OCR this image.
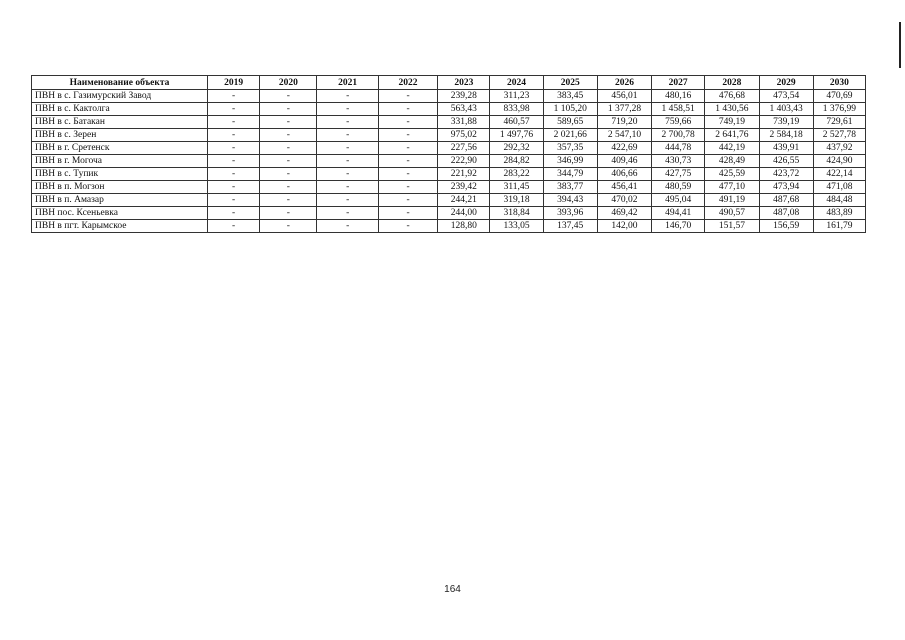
Наименование объекта	2019	2020	2021	2022	2023	2024	2025	2026	2027	2028	2029	2030
ПВН в с. Газимурский Завод	-	-	-	-	239,28	311,23	383,45	456,01	480,16	476,68	473,54	470,69
ПВН в с. Кактолга	-	-	-	-	563,43	833,98	1 105,20	1 377,28	1 458,51	1 430,56	1 403,43	1 376,99
ПВН в с. Батакан	-	-	-	-	331,88	460,57	589,65	719,20	759,66	749,19	739,19	729,61
ПВН в с. Зерен	-	-	-	-	975,02	1 497,76	2 021,66	2 547,10	2 700,78	2 641,76	2 584,18	2 527,78
ПВН в г. Сретенск	-	-	-	-	227,56	292,32	357,35	422,69	444,78	442,19	439,91	437,92
ПВН в г. Могоча	-	-	-	-	222,90	284,82	346,99	409,46	430,73	428,49	426,55	424,90
ПВН в с. Тупик	-	-	-	-	221,92	283,22	344,79	406,66	427,75	425,59	423,72	422,14
ПВН в п. Могзон	-	-	-	-	239,42	311,45	383,77	456,41	480,59	477,10	473,94	471,08
ПВН в п. Амазар	-	-	-	-	244,21	319,18	394,43	470,02	495,04	491,19	487,68	484,48
ПВН пос. Ксеньевка	-	-	-	-	244,00	318,84	393,96	469,42	494,41	490,57	487,08	483,89
ПВН в пгт. Карымское	-	-	-	-	128,80	133,05	137,45	142,00	146,70	151,57	156,59	161,79
164
